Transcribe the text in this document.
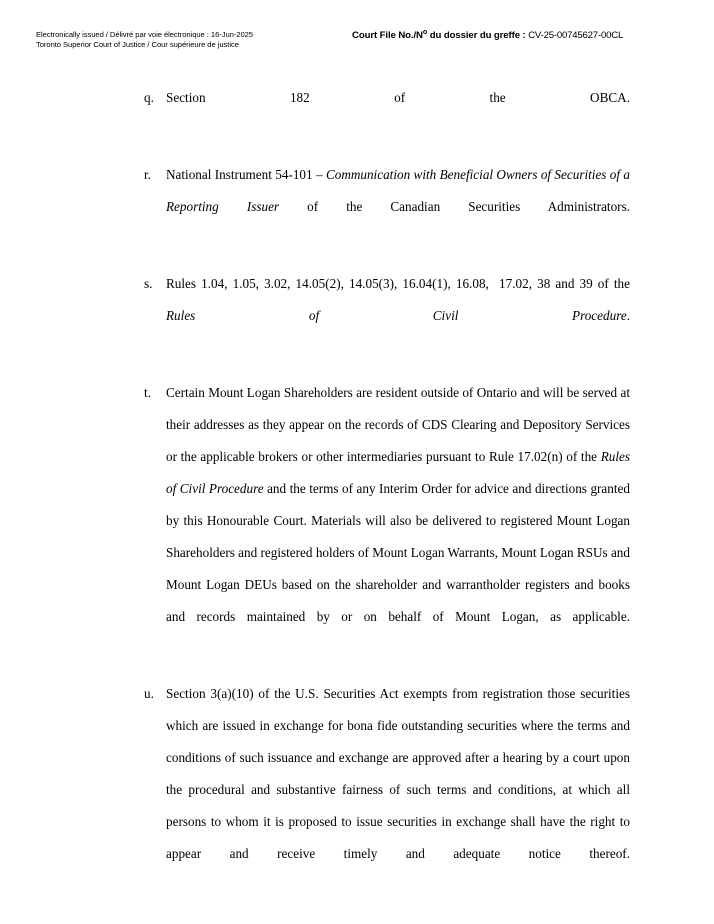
Electronically issued / Délivré par voie électronique : 16-Jun-2025
Toronto Superior Court of Justice / Cour supérieure de justice
Court File $No./N^o$ du dossier du greffe : CV-25-00745627-00CL
q. Section 182 of the OBCA.
r.	National Instrument 54-101 – Communication with Beneficial Owners of Securities of a Reporting Issuer of the Canadian Securities Administrators.
s.	Rules 1.04, 1.05, 3.02, 14.05(2), 14.05(3), 16.04(1), 16.08,  17.02, 38 and 39 of the Rules of Civil Procedure.
t.	Certain Mount Logan Shareholders are resident outside of Ontario and will be served at their addresses as they appear on the records of CDS Clearing and Depository Services or the applicable brokers or other intermediaries pursuant to Rule 17.02(n) of the Rules of Civil Procedure and the terms of any Interim Order for advice and directions granted by this Honourable Court. Materials will also be delivered to registered Mount Logan Shareholders and registered holders of Mount Logan Warrants, Mount Logan RSUs and Mount Logan DEUs based on the shareholder and warrantholder registers and books and records maintained by or on behalf of Mount Logan, as applicable.
u. Section 3(a)(10) of the U.S. Securities Act exempts from registration those securities which are issued in exchange for bona fide outstanding securities where the terms and conditions of such issuance and exchange are approved after a hearing by a court upon the procedural and substantive fairness of such terms and conditions, at which all persons to whom it is proposed to issue securities in exchange shall have the right to appear and receive timely and adequate notice thereof.
